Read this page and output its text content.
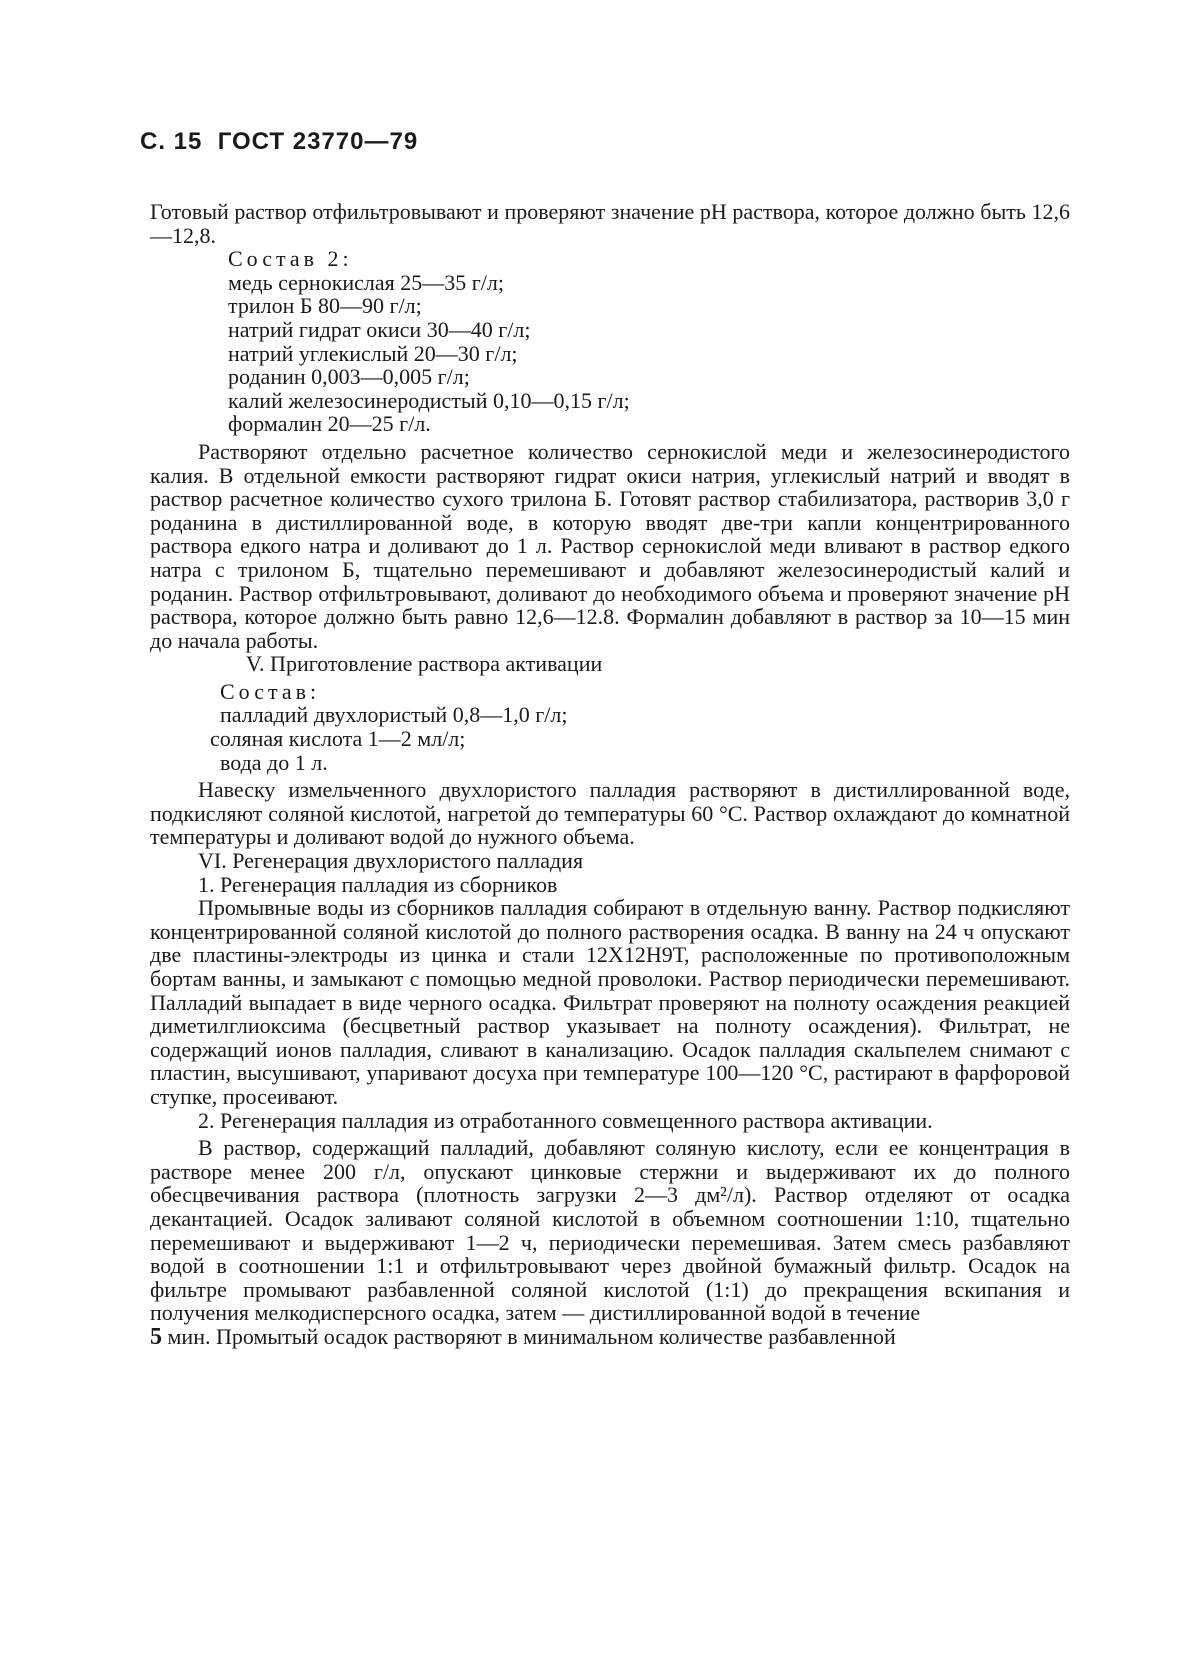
С. 15 ГОСТ 23770—79

Готовый раствор отфильтровывают и проверяют значение pH раствора, которое должно быть 12,6—12,8.

Состав 2:
медь сернокислая 25—35 г/л;
трилон Б 80—90 г/л;
натрий гидрат окиси 30—40 г/л;
натрий углекислый 20—30 г/л;
роданин 0,003—0,005 г/л;
калий железосинеродистый 0,10—0,15 г/л;
формалин 20—25 г/л.

Растворяют отдельно расчетное количество сернокислой меди и железосинеродистого калия. В отдельной емкости растворяют гидрат окиси натрия, углекислый натрий и вводят в раствор расчетное количество сухого трилона Б. Готовят раствор стабилизатора, растворив 3,0 г роданина в дистиллированной воде, в которую вводят две-три капли концентрированного раствора едкого натра и доливают до 1 л. Раствор сернокислой меди вливают в раствор едкого натра с трилоном Б, тщательно перемешивают и добавляют железосинеродистый калий и роданин. Раствор отфильтровывают, доливают до необходимого объема и проверяют значение pH раствора, которое должно быть равно 12,6—12.8. Формалин добавляют в раствор за 10—15 мин до начала работы.

V. Приготовление раствора активации
Состав:
палладий двухлористый 0,8—1,0 г/л;
соляная кислота 1—2 мл/л;
вода до 1 л.

Навеску измельченного двухлористого палладия растворяют в дистиллированной воде, подкисляют соляной кислотой, нагретой до температуры 60 °С. Раствор охлаждают до комнатной температуры и доливают водой до нужного объема.

VI. Регенерация двухлористого палладия
1. Регенерация палладия из сборников

Промывные воды из сборников палладия собирают в отдельную ванну. Раствор подкисляют концентрированной соляной кислотой до полного растворения осадка. В ванну на 24 ч опускают две пластины-электроды из цинка и стали 12Х12Н9Т, расположенные по противоположным бортам ванны, и замыкают с помощью медной проволоки. Раствор периодически перемешивают. Палладий выпадает в виде черного осадка. Фильтрат проверяют на полноту осаждения реакцией диметилглиоксима (бесцветный раствор указывает на полноту осаждения). Фильтрат, не содержащий ионов палладия, сливают в канализацию. Осадок палладия скальпелем снимают с пластин, высушивают, упаривают досуха при температуре 100—120 °С, растирают в фарфоровой ступке, просеивают.

2. Регенерация палладия из отработанного совмещенного раствора активации.

В раствор, содержащий палладий, добавляют соляную кислоту, если ее концентрация в растворе менее 200 г/л, опускают цинковые стержни и выдерживают их до полного обесцвечивания раствора (плотность загрузки 2—3 дм²/л). Раствор отделяют от осадка декантацией. Осадок заливают соляной кислотой в объемном соотношении 1:10, тщательно перемешивают и выдерживают 1—2 ч, периодически перемешивая. Затем смесь разбавляют водой в соотношении 1:1 и отфильтровывают через двойной бумажный фильтр. Осадок на фильтре промывают разбавленной соляной кислотой (1:1) до прекращения вскипания и получения мелкодисперсного осадка, затем — дистиллированной водой в течение

5 мин. Промытый осадок растворяют в минимальном количестве разбавленной
